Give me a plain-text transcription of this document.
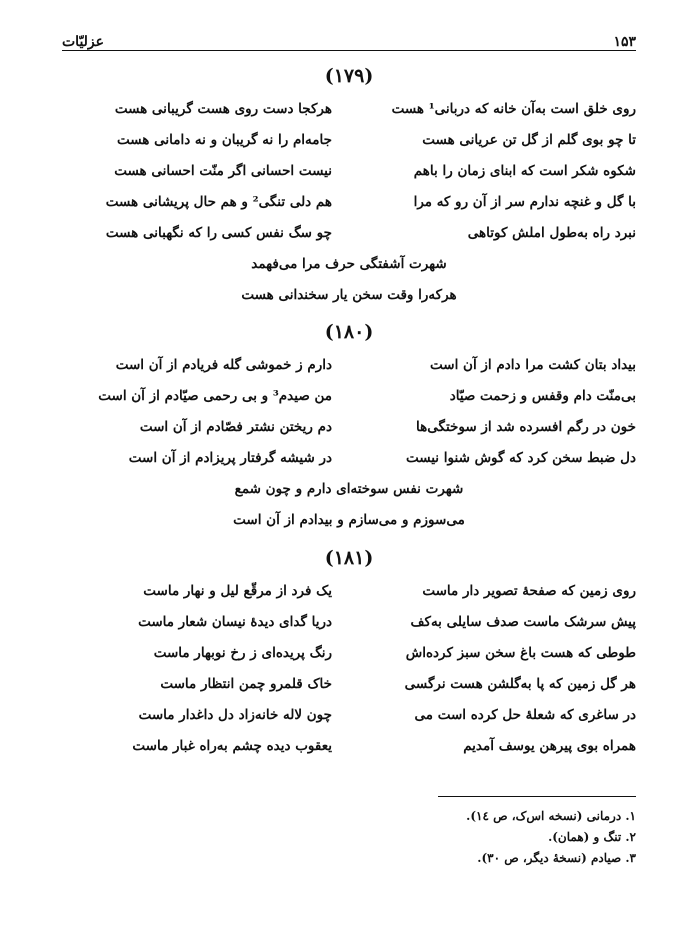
۱۵۳
عزلیّات
(۱۷۹)
روی خلق است به‌آن خانه که دربانی¹ هست
هرکجا دست روی هست گریبانی هست
تا چو بوی گلم از گل تن عریانی هست
جامه‌ام را نه گریبان و نه دامانی هست
شکوه شکر است که ابنای زمان را باهم
نیست احسانی اگر منّت احسانی هست
با گل و غنچه ندارم سر از آن رو که مرا
هم دلی تنگی² و هم حال پریشانی هست
نبرد راه به‌طول املش کوتاهی
چو سگ نفس کسی را که نگهبانی هست
شهرت آشفتگی حرف مرا می‌فهمد
هرکه‌را وقت سخن یار سخندانی هست
(۱۸۰)
بیداد بتان کشت مرا دادم از آن است
دارم ز خموشی گله فریادم از آن است
بی‌منّت دام وقفس و زحمت صیّاد
من صیدم³ و بی رحمی صیّادم از آن است
خون در رگم افسرده شد از سوختگی‌ها
دم ریختن نشتر فصّادم از آن است
دل ضبط سخن کرد که گوش شنوا نیست
در شیشه گرفتار پریزادم از آن است
شهرت نفس سوخته‌ای دارم و چون شمع
می‌سوزم و می‌سازم و بیدادم از آن است
(۱۸۱)
روی زمین که صفحهٔ تصویر دار ماست
یک فرد از مرقّع لیل و نهار ماست
پیش سرشک ماست صدف سایلی به‌کف
دریا گدای دیدهٔ نیسان شعار ماست
طوطی که هست باغ سخن سبز کرده‌اش
رنگ پریده‌ای ز رخ نوبهار ماست
هر گل زمین که پا به‌گلشن هست نرگسی
خاک قلمرو چمن انتظار ماست
در ساغری که شعلهٔ حل کرده است می
چون لاله خانه‌زاد دل داغدار ماست
همراه بوی پیرهن یوسف آمدیم
یعقوب دیده چشم به‌راه غبار ماست
۱. درمانی (نسخه اس‌ک، ص ۱٤).
۲. تنگ و (همان).
۳. صیادم (نسخهٔ دیگر، ص ۳۰).
